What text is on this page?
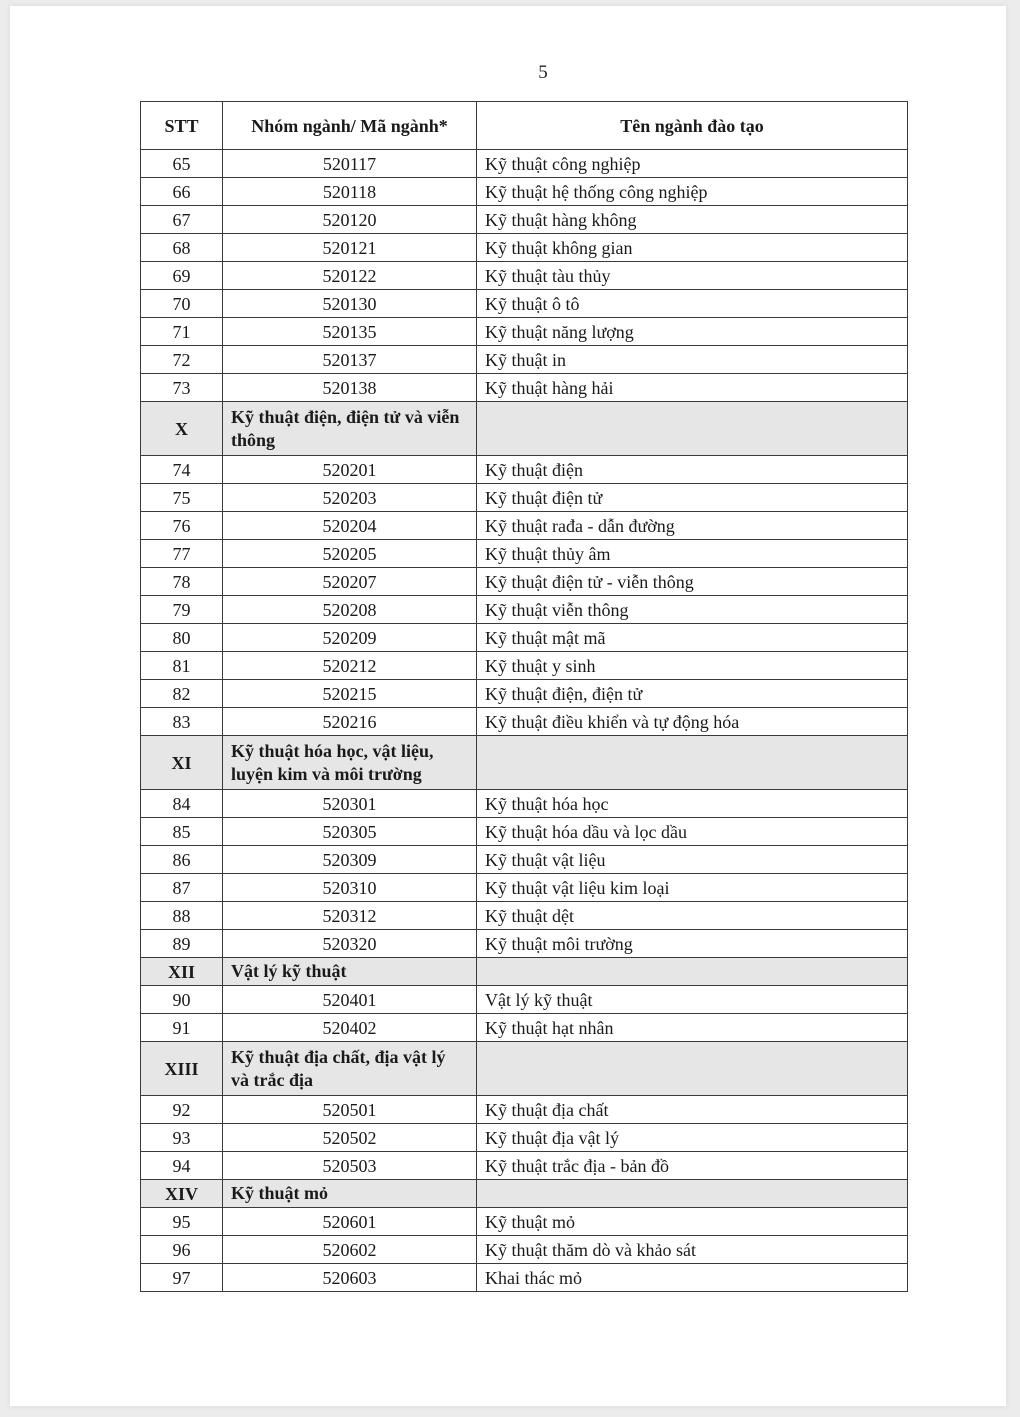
5
STT	Nhóm ngành/ Mã ngành*	Tên ngành đào tạo
65	520117	Kỹ thuật công nghiệp
66	520118	Kỹ thuật hệ thống công nghiệp
67	520120	Kỹ thuật hàng không
68	520121	Kỹ thuật không gian
69	520122	Kỹ thuật tàu thủy
70	520130	Kỹ thuật ô tô
71	520135	Kỹ thuật năng lượng
72	520137	Kỹ thuật in
73	520138	Kỹ thuật hàng hải
X	Kỹ thuật điện, điện tử và viễn thông	
74	520201	Kỹ thuật điện
75	520203	Kỹ thuật điện tử
76	520204	Kỹ thuật rađa - dẫn đường
77	520205	Kỹ thuật thủy âm
78	520207	Kỹ thuật điện tử - viễn thông
79	520208	Kỹ thuật viễn thông
80	520209	Kỹ thuật mật mã
81	520212	Kỹ thuật y sinh
82	520215	Kỹ thuật điện, điện tử
83	520216	Kỹ thuật điều khiển và tự động hóa
XI	Kỹ thuật hóa học, vật liệu, luyện kim và môi trường	
84	520301	Kỹ thuật hóa học
85	520305	Kỹ thuật hóa dầu và lọc dầu
86	520309	Kỹ thuật vật liệu
87	520310	Kỹ thuật vật liệu kim loại
88	520312	Kỹ thuật dệt
89	520320	Kỹ thuật môi trường
XII	Vật lý kỹ thuật	
90	520401	Vật lý kỹ thuật
91	520402	Kỹ thuật hạt nhân
XIII	Kỹ thuật địa chất, địa vật lý và trắc địa	
92	520501	Kỹ thuật địa chất
93	520502	Kỹ thuật địa vật lý
94	520503	Kỹ thuật trắc địa - bản đồ
XIV	Kỹ thuật mỏ	
95	520601	Kỹ thuật mỏ
96	520602	Kỹ thuật thăm dò và khảo sát
97	520603	Khai thác mỏ
